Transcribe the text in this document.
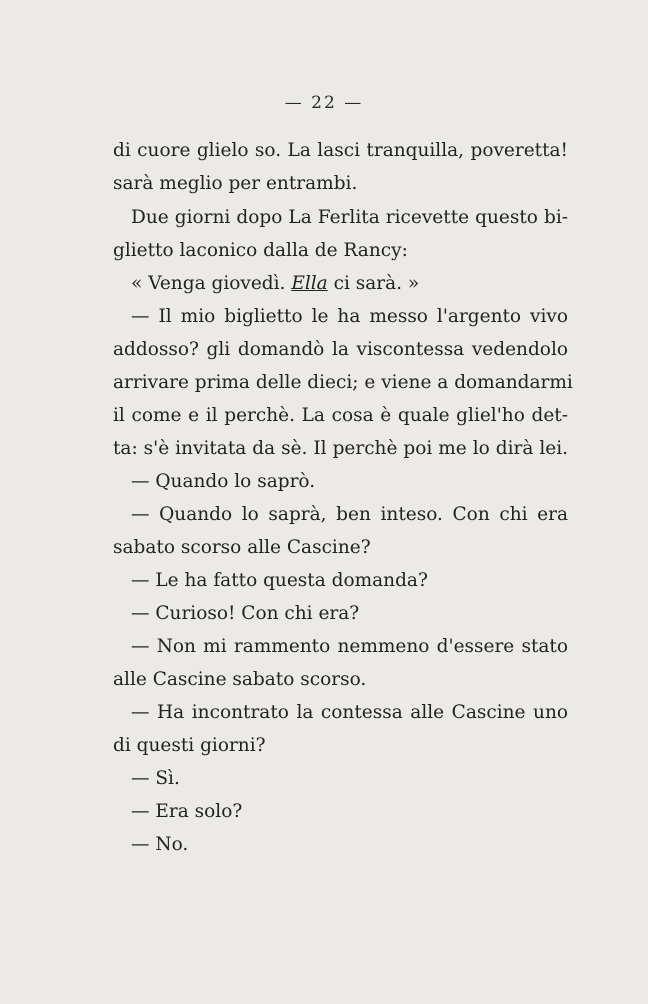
— 22 —
di cuore glielo so. La lasci tranquilla, poveretta!
sarà meglio per entrambi.
Due giorni dopo La Ferlita ricevette questo bi-
glietto laconico dalla de Rancy:
« Venga giovedì. Ella ci sarà. »
— Il mio biglietto le ha messo l'argento vivo
addosso? gli domandò la viscontessa vedendolo
arrivare prima delle dieci; e viene a domandarmi
il come e il perchè. La cosa è quale gliel'ho det-
ta: s'è invitata da sè. Il perchè poi me lo dirà lei.
— Quando lo saprò.
— Quando lo saprà, ben inteso. Con chi era
sabato scorso alle Cascine?
— Le ha fatto questa domanda?
— Curioso! Con chi era?
— Non mi rammento nemmeno d'essere stato
alle Cascine sabato scorso.
— Ha incontrato la contessa alle Cascine uno
di questi giorni?
— Sì.
— Era solo?
— No.
